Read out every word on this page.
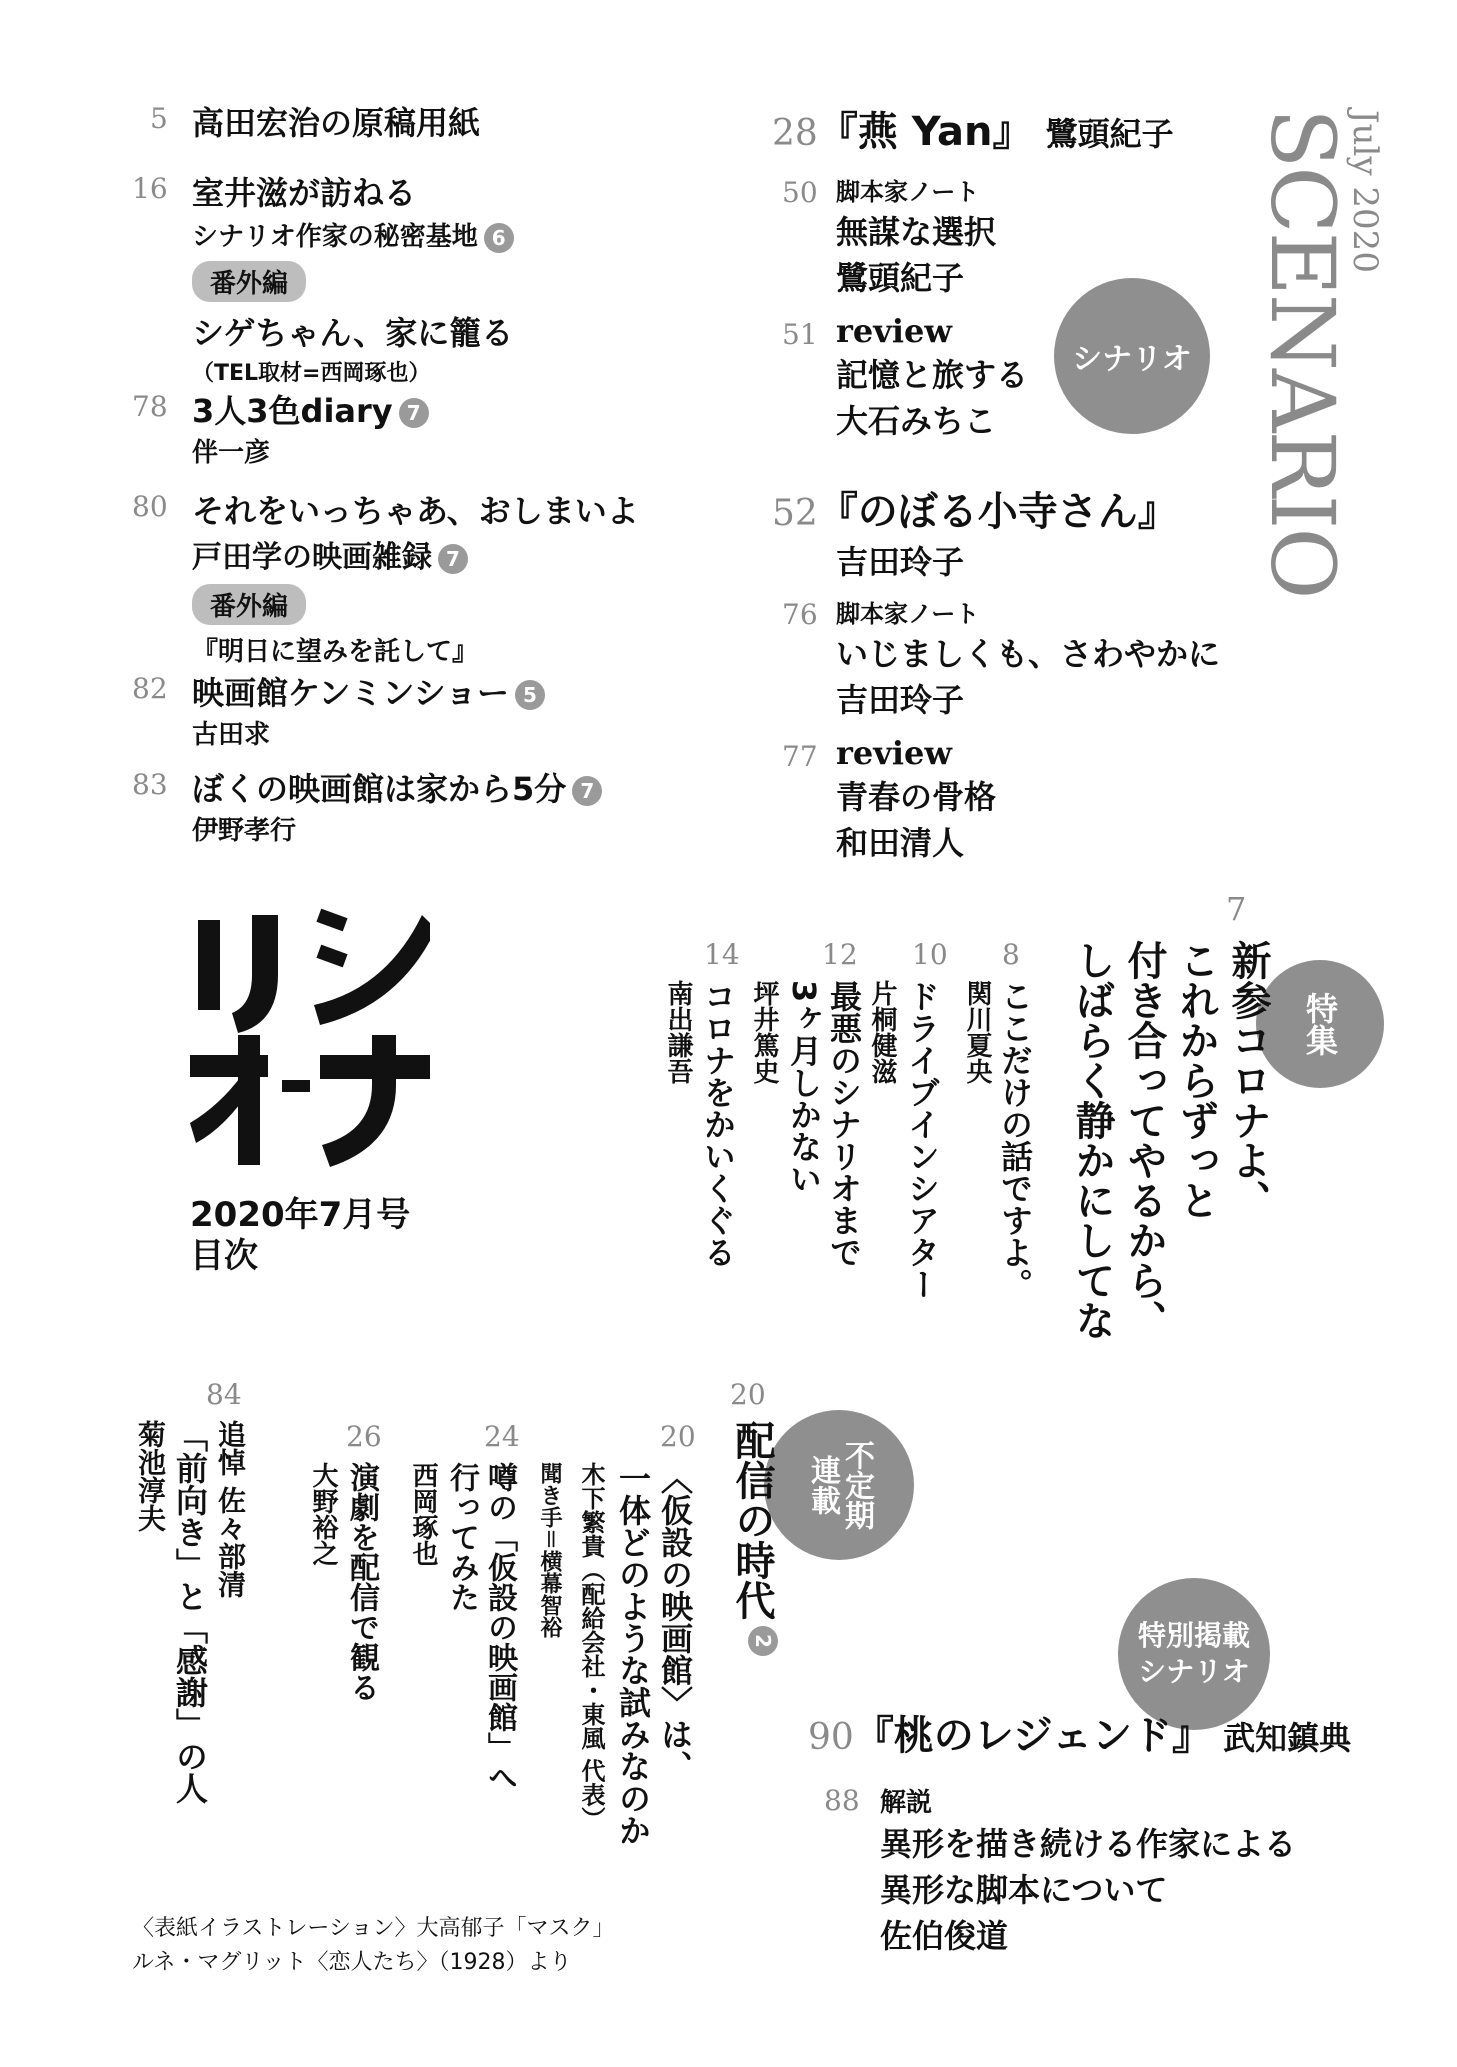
5 高田宏治の原稿用紙
16 室井滋が訪ねる
シナリオ作家の秘密基地 6
番外編
シゲちゃん、家に籠る
（TEL取材=西岡琢也）
78 3人3色diary 7
伴一彦
80 それをいっちゃあ、おしまいよ
戸田学の映画雑録 7
番外編
『明日に望みを託して』
82 映画館ケンミンショー 5
古田求
83 ぼくの映画館は家から5分 7
伊野孝行
28『燕 Yan』 鷺頭紀子
50 脚本家ノート
無謀な選択
鷺頭紀子
51 review
記憶と旅する
大石みちこ
シナリオ
52『のぼる小寺さん』
吉田玲子
76 脚本家ノート
いじましくも、さわやかに
吉田玲子
77 review
青春の骨格
和田清人
SCENARIO
July 2020
2020年7月号
目次
特集
7
新参コロナよ、
これからずっと
付き合ってやるから、
しばらく静かにしてな
8
ここだけの話ですよ。
関川夏央
10
ドライブインシアター
片桐健滋
12
最悪のシナリオまで
3ヶ月しかない
坪井篤史
14
コロナをかいくぐる
南出謙吾
不定期
連載
20
配信の時代2
20
〈仮設の映画館〉は、
一体どのような試みなのか
木下繁貴（配給会社・東風 代表）
聞き手＝横幕智裕
24
噂の「仮設の映画館」へ
行ってみた
西岡琢也
26
演劇を配信で観る
大野裕之
84
追悼 佐々部清
「前向き」と「感謝」の人
菊池淳夫
特別掲載
シナリオ
90『桃のレジェンド』 武知鎮典
88 解説
異形を描き続ける作家による
異形な脚本について
佐伯俊道
〈表紙イラストレーション〉大高郁子「マスク」
ルネ・マグリット〈恋人たち〉（1928）より
